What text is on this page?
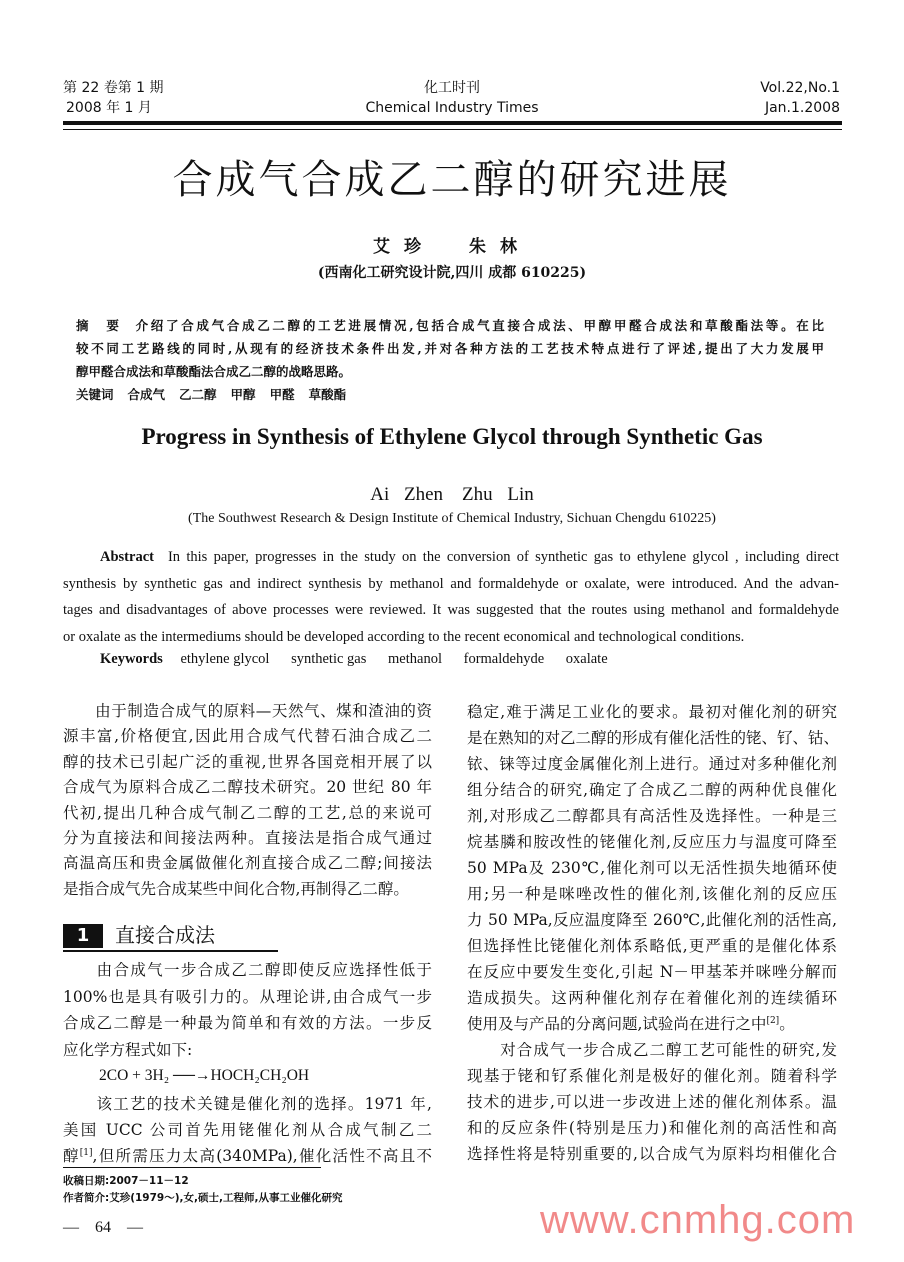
第 22 卷第 1 期
2008 年 1 月
化工时刊
Chemical Industry Times
Vol.22,No.1
Jan.1.2008
合成气合成乙二醇的研究进展
艾珍 朱林
(西南化工研究设计院,四川 成都 610225)
摘　要 介绍了合成气合成乙二醇的工艺进展情况,包括合成气直接合成法、甲醇甲醛合成法和草酸酯法等。在比
较不同工艺路线的同时,从现有的经济技术条件出发,并对各种方法的工艺技术特点进行了评述,提出了大力发展甲
醇甲醛合成法和草酸酯法合成乙二醇的战略思路。
关键词 合成气 乙二醇 甲醇 甲醛 草酸酯
Progress in Synthesis of Ethylene Glycol through Synthetic Gas
Ai Zhen　Zhu Lin
(The Southwest Research & Design Institute of Chemical Industry, Sichuan Chengdu 610225)
Abstract In this paper, progresses in the study on the conversion of synthetic gas to ethylene glycol , including direct
synthesis by synthetic gas and indirect synthesis by methanol and formaldehyde or oxalate, were introduced. And the advan-
tages and disadvantages of above processes were reviewed. It was suggested that the routes using methanol and formaldehyde
or oxalate as the intermediums should be developed according to the recent economical and technological conditions.
Keywords ethylene glycol synthetic gas methanol formaldehyde oxalate
　　由于制造合成气的原料—天然气、煤和渣油的资
源丰富,价格便宜,因此用合成气代替石油合成乙二
醇的技术已引起广泛的重视,世界各国竞相开展了以
合成气为原料合成乙二醇技术研究。20 世纪 80 年
代初,提出几种合成气制乙二醇的工艺,总的来说可
分为直接法和间接法两种。直接法是指合成气通过
高温高压和贵金属做催化剂直接合成乙二醇;间接法
是指合成气先合成某些中间化合物,再制得乙二醇。
1	直接合成法
　　由合成气一步合成乙二醇即使反应选择性低于
100%也是具有吸引力的。从理论讲,由合成气一步
合成乙二醇是一种最为简单和有效的方法。一步反
应化学方程式如下:
2CO + 3H₂ ──→HOCH₂CH₂OH
　　该工艺的技术关键是催化剂的选择。1971 年,
美国 UCC 公司首先用铑催化剂从合成气制乙二
醇[1],但所需压力太高(340MPa),催化活性不高且不
稳定,难于满足工业化的要求。最初对催化剂的研究
是在熟知的对乙二醇的形成有催化活性的铑、钌、钴、
铱、铼等过度金属催化剂上进行。通过对多种催化剂
组分结合的研究,确定了合成乙二醇的两种优良催化
剂,对形成乙二醇都具有高活性及选择性。一种是三
烷基膦和胺改性的铑催化剂,反应压力与温度可降至
50 MPa及 230℃,催化剂可以无活性损失地循环使
用;另一种是咪唑改性的催化剂,该催化剂的反应压
力 50 MPa,反应温度降至 260℃,此催化剂的活性高,
但选择性比铑催化剂体系略低,更严重的是催化体系
在反应中要发生变化,引起 N－甲基苯并咪唑分解而
造成损失。这两种催化剂存在着催化剂的连续循环
使用及与产品的分离问题,试验尚在进行之中[2]。
　　对合成气一步合成乙二醇工艺可能性的研究,发
现基于铑和钌系催化剂是极好的催化剂。随着科学
技术的进步,可以进一步改进上述的催化剂体系。温
和的反应条件(特别是压力)和催化剂的高活性和高
选择性将是特别重要的,以合成气为原料均相催化合
收稿日期:2007－11－12
作者简介:艾珍(1979～),女,硕士,工程师,从事工业催化研究
—　64　—	www.cnmhg.com
